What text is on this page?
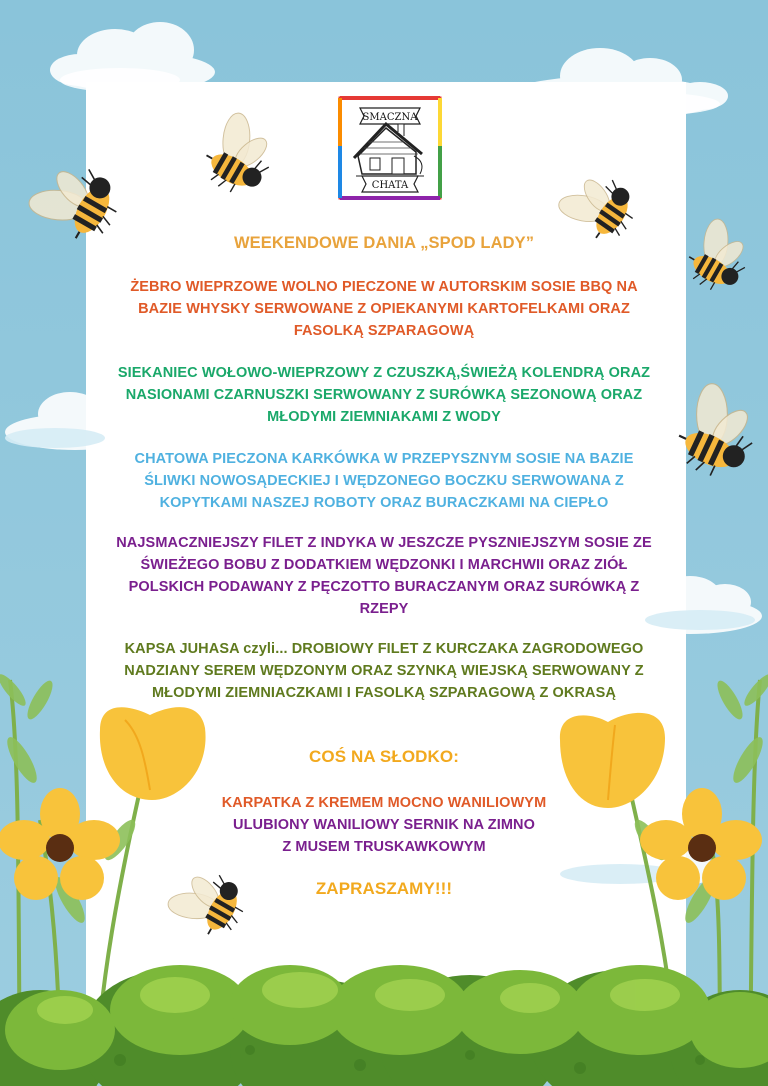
SMACZNA
CHATA
WEEKENDOWE DANIA „SPOD LADY”
ŻEBRO WIEPRZOWE WOLNO PIECZONE W AUTORSKIM SOSIE BBQ NA
BAZIE WHYSKY SERWOWANE Z OPIEKANYMI KARTOFELKAMI ORAZ
FASOLKĄ SZPARAGOWĄ
SIEKANIEC WOŁOWO-WIEPRZOWY Z CZUSZKĄ,ŚWIEŻĄ KOLENDRĄ ORAZ
NASIONAMI CZARNUSZKI SERWOWANY Z SURÓWKĄ SEZONOWĄ ORAZ
MŁODYMI ZIEMNIAKAMI Z WODY
CHATOWA PIECZONA KARKÓWKA W PRZEPYSZNYM SOSIE NA BAZIE
ŚLIWKI NOWOSĄDECKIEJ I WĘDZONEGO BOCZKU SERWOWANA Z
KOPYTKAMI NASZEJ ROBOTY ORAZ BURACZKAMI NA CIEPŁO
NAJSMACZNIEJSZY FILET Z INDYKA W JESZCZE PYSZNIEJSZYM SOSIE ZE
ŚWIEŻEGO BOBU Z DODATKIEM WĘDZONKI I MARCHWII ORAZ ZIÓŁ
POLSKICH PODAWANY Z PĘCZOTTO BURACZANYM ORAZ SURÓWKĄ Z
RZEPY
KAPSA JUHASA czyli... DROBIOWY FILET Z KURCZAKA ZAGRODOWEGO
NADZIANY SEREM WĘDZONYM ORAZ SZYNKĄ WIEJSKĄ SERWOWANY Z
MŁODYMI ZIEMNIACZKAMI I FASOLKĄ SZPARAGOWĄ Z OKRASĄ
COŚ NA SŁODKO:
KARPATKA Z KREMEM MOCNO WANILIOWYM
ULUBIONY WANILIOWY SERNIK NA ZIMNO
Z MUSEM TRUSKAWKOWYM
ZAPRASZAMY!!!
